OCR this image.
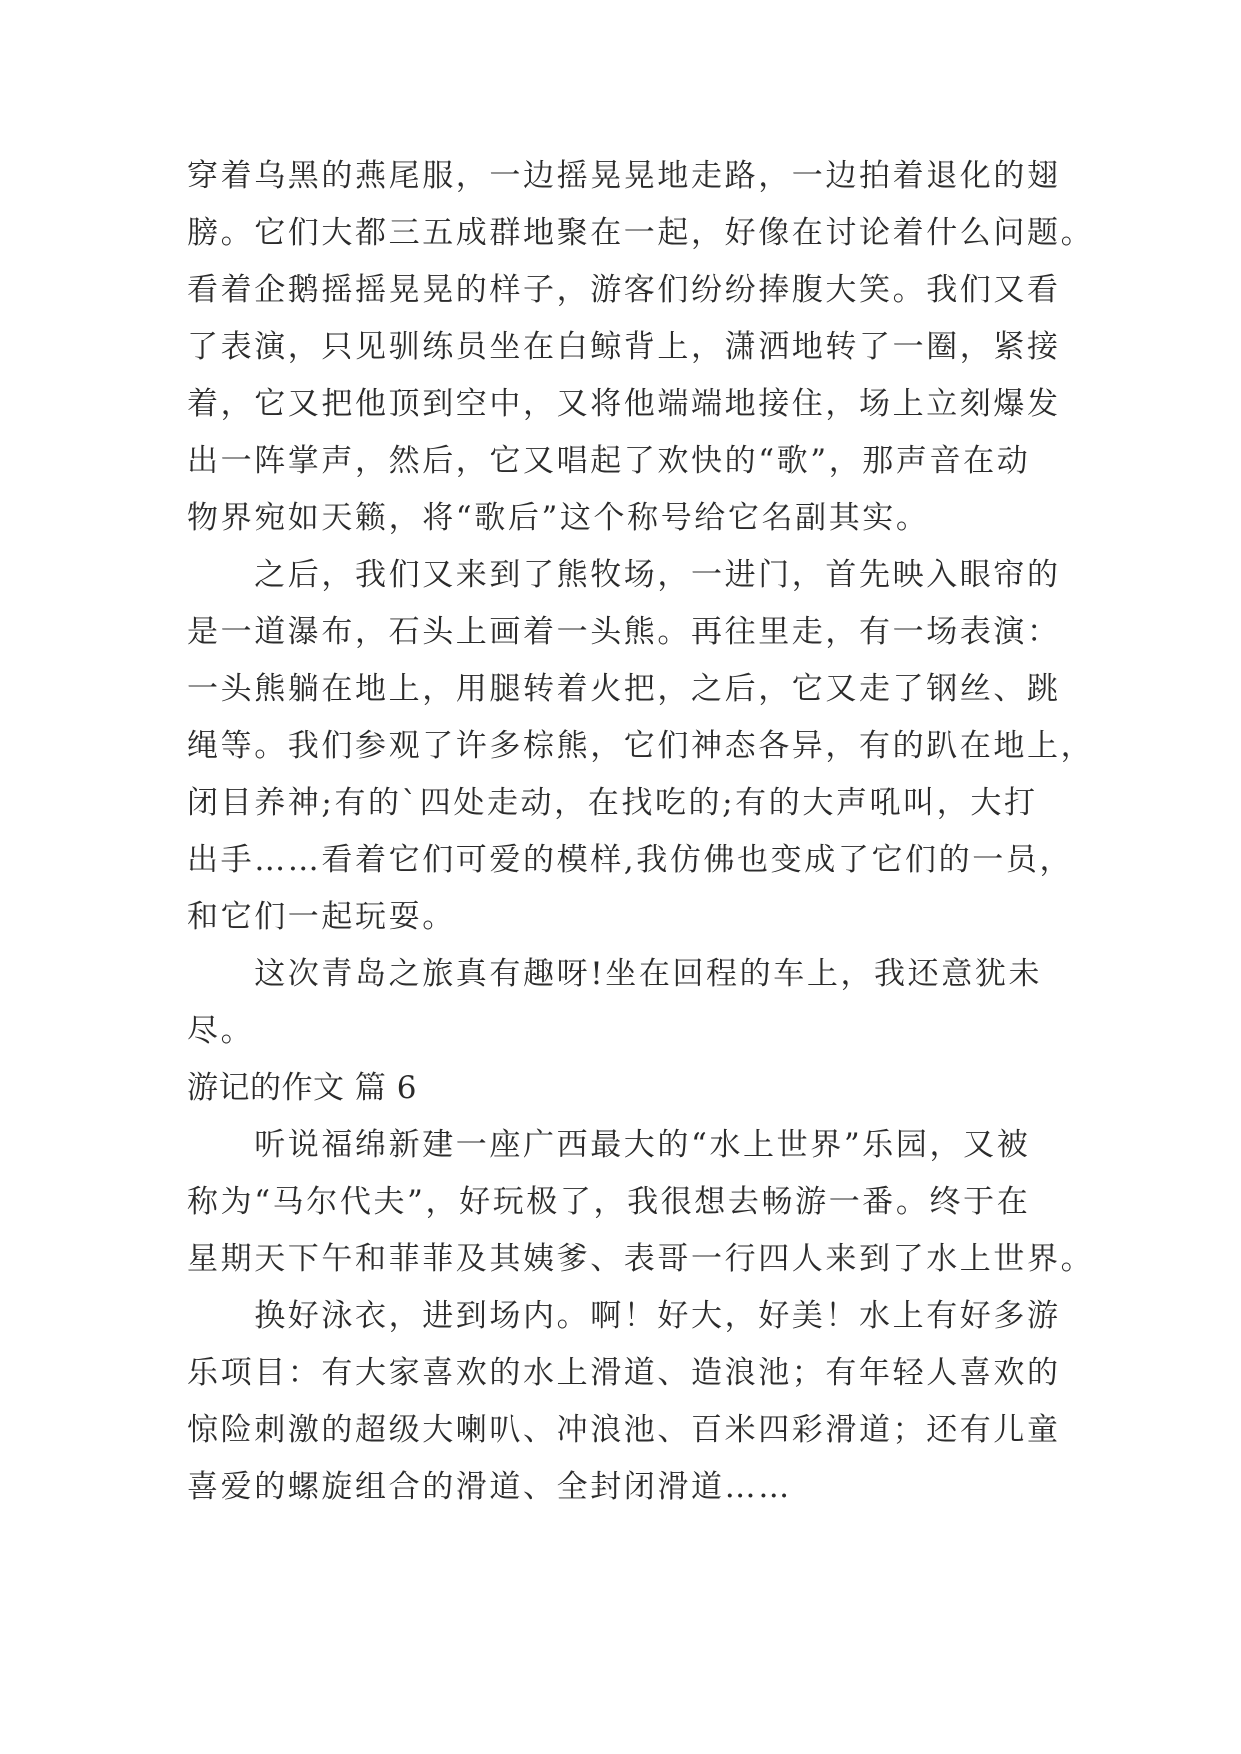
穿着乌黑的燕尾服，一边摇晃晃地走路，一边拍着退化的翅
膀。它们大都三五成群地聚在一起，好像在讨论着什么问题。
看着企鹅摇摇晃晃的样子，游客们纷纷捧腹大笑。我们又看
了表演，只见驯练员坐在白鲸背上，潇洒地转了一圈，紧接
着，它又把他顶到空中，又将他端端地接住，场上立刻爆发
出一阵掌声，然后，它又唱起了欢快的“歌”，那声音在动
物界宛如天籁，将“歌后”这个称号给它名副其实。
　　之后，我们又来到了熊牧场，一进门，首先映入眼帘的
是一道瀑布，石头上画着一头熊。再往里走，有一场表演：
一头熊躺在地上，用腿转着火把，之后，它又走了钢丝、跳
绳等。我们参观了许多棕熊，它们神态各异，有的趴在地上，
闭目养神;有的`四处走动，在找吃的;有的大声吼叫，大打
出手……看着它们可爱的模样,我仿佛也变成了它们的一员，
和它们一起玩耍。
　　这次青岛之旅真有趣呀!坐在回程的车上，我还意犹未
尽。
游记的作文 篇 6
　　听说福绵新建一座广西最大的“水上世界”乐园，又被
称为“马尔代夫”，好玩极了，我很想去畅游一番。终于在
星期天下午和菲菲及其姨爹、表哥一行四人来到了水上世界。
　　换好泳衣，进到场内。啊！好大，好美！水上有好多游
乐项目：有大家喜欢的水上滑道、造浪池；有年轻人喜欢的
惊险刺激的超级大喇叭、冲浪池、百米四彩滑道；还有儿童
喜爱的螺旋组合的滑道、全封闭滑道……
